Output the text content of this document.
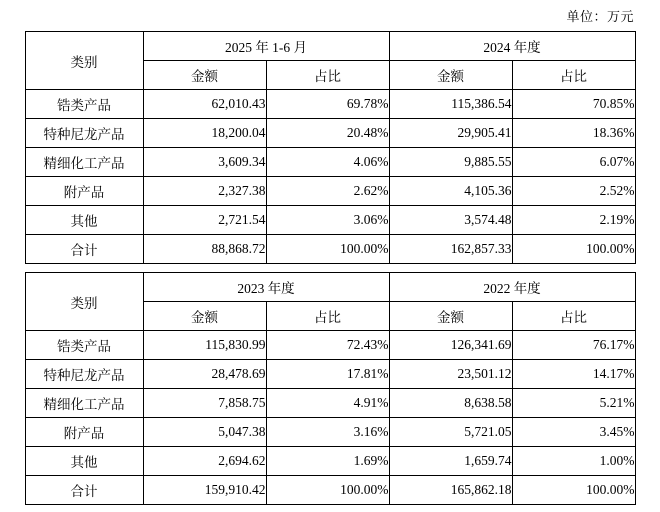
单位：万元
类别	2025 年 1-6 月		2024 年度	
	金额	占比	金额	占比
锆类产品	62,010.43	69.78%	115,386.54	70.85%
特种尼龙产品	18,200.04	20.48%	29,905.41	18.36%
精细化工产品	3,609.34	4.06%	9,885.55	6.07%
附产品	2,327.38	2.62%	4,105.36	2.52%
其他	2,721.54	3.06%	3,574.48	2.19%
合计	88,868.72	100.00%	162,857.33	100.00%
类别	2023 年度		2022 年度	
	金额	占比	金额	占比
锆类产品	115,830.99	72.43%	126,341.69	76.17%
特种尼龙产品	28,478.69	17.81%	23,501.12	14.17%
精细化工产品	7,858.75	4.91%	8,638.58	5.21%
附产品	5,047.38	3.16%	5,721.05	3.45%
其他	2,694.62	1.69%	1,659.74	1.00%
合计	159,910.42	100.00%	165,862.18	100.00%
